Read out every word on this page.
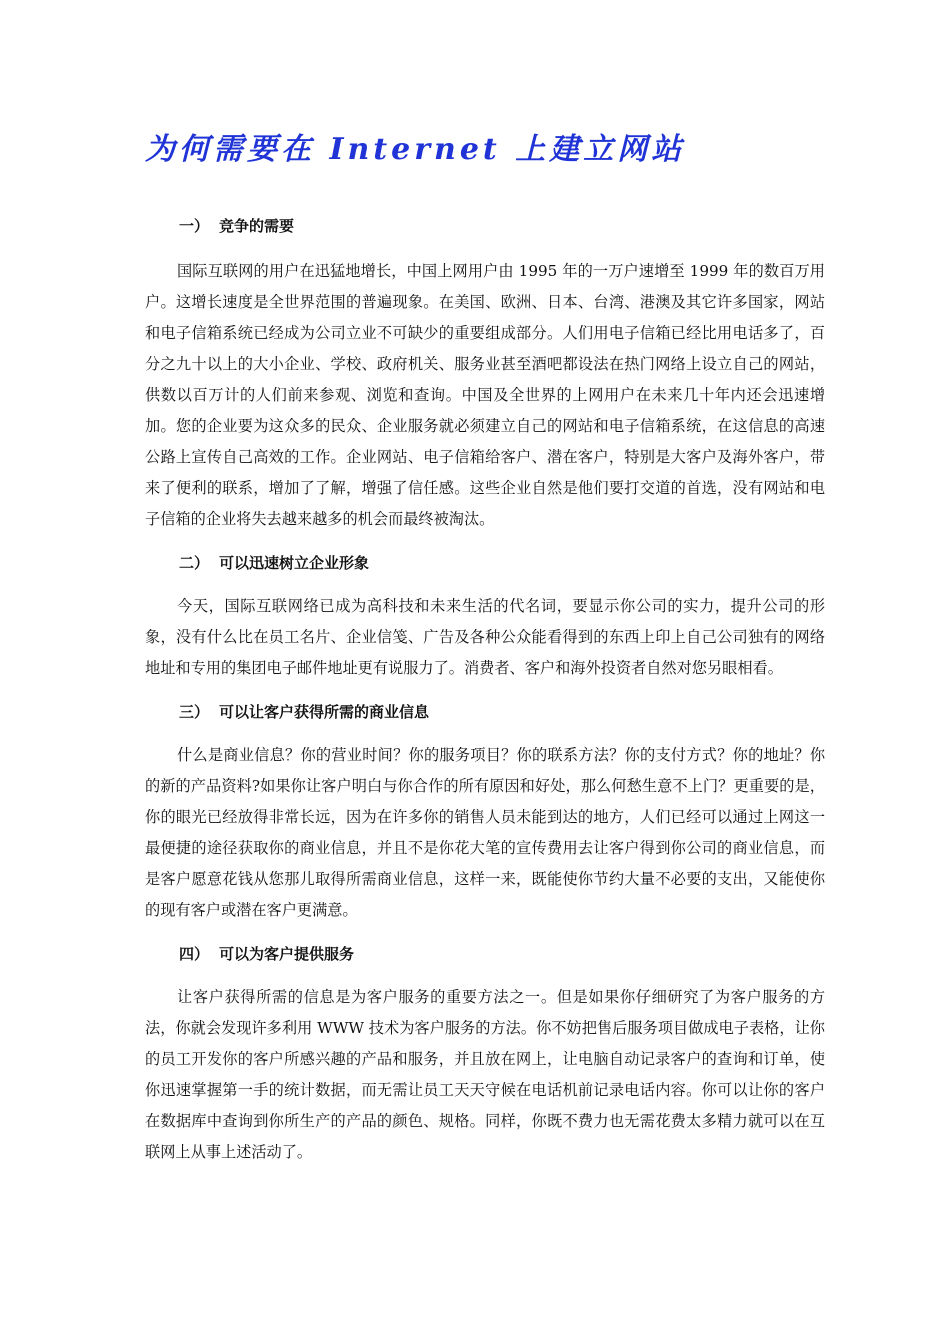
为何需要在 Internet 上建立网站
一） 竞争的需要

国际互联网的用户在迅猛地增长，中国上网用户由 1995 年的一万户速增至 1999 年的数百万用户。这增长速度是全世界范围的普遍现象。在美国、欧洲、日本、台湾、港澳及其它许多国家，网站和电子信箱系统已经成为公司立业不可缺少的重要组成部分。人们用电子信箱已经比用电话多了，百分之九十以上的大小企业、学校、政府机关、服务业甚至酒吧都设法在热门网络上设立自己的网站，供数以百万计的人们前来参观、浏览和查询。中国及全世界的上网用户在未来几十年内还会迅速增加。您的企业要为这众多的民众、企业服务就必须建立自己的网站和电子信箱系统，在这信息的高速公路上宣传自己高效的工作。企业网站、电子信箱给客户、潜在客户，特别是大客户及海外客户，带来了便利的联系，增加了了解，增强了信任感。这些企业自然是他们要打交道的首选，没有网站和电子信箱的企业将失去越来越多的机会而最终被淘汰。

二） 可以迅速树立企业形象

今天，国际互联网络已成为高科技和未来生活的代名词，要显示你公司的实力，提升公司的形象，没有什么比在员工名片、企业信笺、广告及各种公众能看得到的东西上印上自己公司独有的网络地址和专用的集团电子邮件地址更有说服力了。消费者、客户和海外投资者自然对您另眼相看。

三） 可以让客户获得所需的商业信息

什么是商业信息？你的营业时间？你的服务项目？你的联系方法？你的支付方式？你的地址？你的新的产品资料?如果你让客户明白与你合作的所有原因和好处，那么何愁生意不上门？更重要的是，你的眼光已经放得非常长远，因为在许多你的销售人员未能到达的地方，人们已经可以通过上网这一最便捷的途径获取你的商业信息，并且不是你花大笔的宣传费用去让客户得到你公司的商业信息，而是客户愿意花钱从您那儿取得所需商业信息，这样一来，既能使你节约大量不必要的支出，又能使你的现有客户或潜在客户更满意。

四） 可以为客户提供服务

让客户获得所需的信息是为客户服务的重要方法之一。但是如果你仔细研究了为客户服务的方法，你就会发现许多利用 WWW 技术为客户服务的方法。你不妨把售后服务项目做成电子表格，让你的员工开发你的客户所感兴趣的产品和服务，并且放在网上，让电脑自动记录客户的查询和订单，使你迅速掌握第一手的统计数据，而无需让员工天天守候在电话机前记录电话内容。你可以让你的客户在数据库中查询到你所生产的产品的颜色、规格。同样，你既不费力也无需花费太多精力就可以在互联网上从事上述活动了。
